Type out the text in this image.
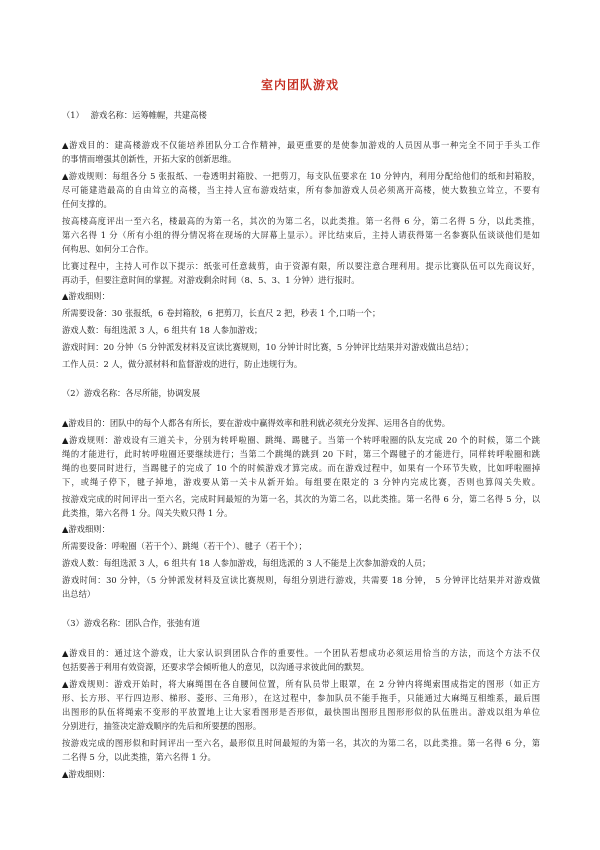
室内团队游戏
（1）　 游戏名称：运筹帷幄，共建高楼
▲游戏目的：建高楼游戏不仅能培养团队分工合作精神，最更重要的是使参加游戏的人员因从事一种完全不同于手头工作
的事情而增强其创新性，开拓大家的创新思维。
▲游戏规则：每组各分 5 张报纸、一卷透明封箱胶、一把剪刀，每支队伍要求在 10 分钟内，利用分配给他们的纸和封箱胶，
尽可能建造最高的自由耸立的高楼，当主持人宣布游戏结束，所有参加游戏人员必须离开高楼，使大数独立耸立，不要有
任何支撑的。
按高楼高度评出一至六名，楼最高的为第一名，其次的为第二名，以此类推。第一名得 6 分，第二名得 5 分，以此类推，
第六名得 1 分（所有小组的得分情况将在现场的大屏幕上显示）。评比结束后，主持人请获得第一名参赛队伍谈谈他们是如
何构思、如何分工合作。
比赛过程中，主持人可作以下提示：纸张可任意裁剪，由于资源有限，所以要注意合理利用。提示比赛队伍可以先商议好，
再动手，但要注意时间的掌握。对游戏剩余时间（8、5、3、1 分钟）进行报时。
▲游戏细则：
所需要设备：30 张报纸，6 卷封箱胶，6 把剪刀，长直尺 2 把，秒表 1 个,口哨一个；
游戏人数：每组选派 3 人，6 组共有 18 人参加游戏；
游戏时间：20 分钟（5 分钟派发材料及宣读比赛规则，10 分钟计时比赛，5 分钟评比结果并对游戏做出总结）；
工作人员：2 人，做分派材料和监督游戏的进行，防止违规行为。
（2）游戏名称：各尽所能，协调发展
▲游戏目的：团队中的每个人都各有所长，要在游戏中赢得效率和胜利就必须充分发挥、运用各自的优势。
▲游戏规则：游戏设有三道关卡，分别为转呼啦圈、跳绳、踢毽子。当第一个转呼啦圈的队友完成 20 个的时候，第二个跳
绳的才能进行，此时转呼啦圈还要继续进行；当第二个跳绳的跳到 20 下时，第三个踢毽子的才能进行，同样转呼啦圈和跳
绳的也要同时进行，当踢毽子的完成了 10 个的时候游戏才算完成。而在游戏过程中，如果有一个环节失败，比如呼啦圈掉
下，或绳子停下，毽子掉地，游戏要从第一关卡从新开始。每组要在限定的 3 分钟内完成比赛，否则也算闯关失败。
按游戏完成的时间评出一至六名，完成时间最短的为第一名，其次的为第二名，以此类推。第一名得 6 分，第二名得 5 分，以
此类推，第六名得 1 分。闯关失败只得 1 分。
▲游戏细则：
所需要设备：呼啦圈（若干个）、跳绳（若干个）、毽子（若干个）；
游戏人数：每组选派 3 人，6 组共有 18 人参加游戏，每组选派的 3 人不能是上次参加游戏的人员；
游戏时间：30 分钟，（5 分钟派发材料及宣读比赛规则，每组分别进行游戏，共需要 18 分钟， 5 分钟评比结果并对游戏做
出总结）
（3）游戏名称：团队合作，张弛有道
▲游戏目的：通过这个游戏，让大家认识到团队合作的重要性。一个团队若想成功必须运用恰当的方法，而这个方法不仅
包括要善于利用有效资源，还要求学会倾听他人的意见，以沟通寻求彼此间的默契。
▲游戏规则：游戏开始时，将大麻绳围在各自腰间位置，所有队员带上眼罩，在 2 分钟内将绳索围成指定的图形（如正方
形、长方形、平行四边形、梯形、菱形、三角形），在这过程中，参加队员不能手拖手，只能通过大麻绳互相维系，最后围
出图形的队伍将绳索不变形的平放置地上让大家看图形是否形似，最快围出图形且图形形似的队伍胜出。游戏以组为单位
分别进行，抽签决定游戏顺序的先后和所要摆的图形。
按游戏完成的图形似和时间评出一至六名，最形似且时间最短的为第一名，其次的为第二名，以此类推。第一名得 6 分，第
二名得 5 分，以此类推，第六名得 1 分。
▲游戏细则：
